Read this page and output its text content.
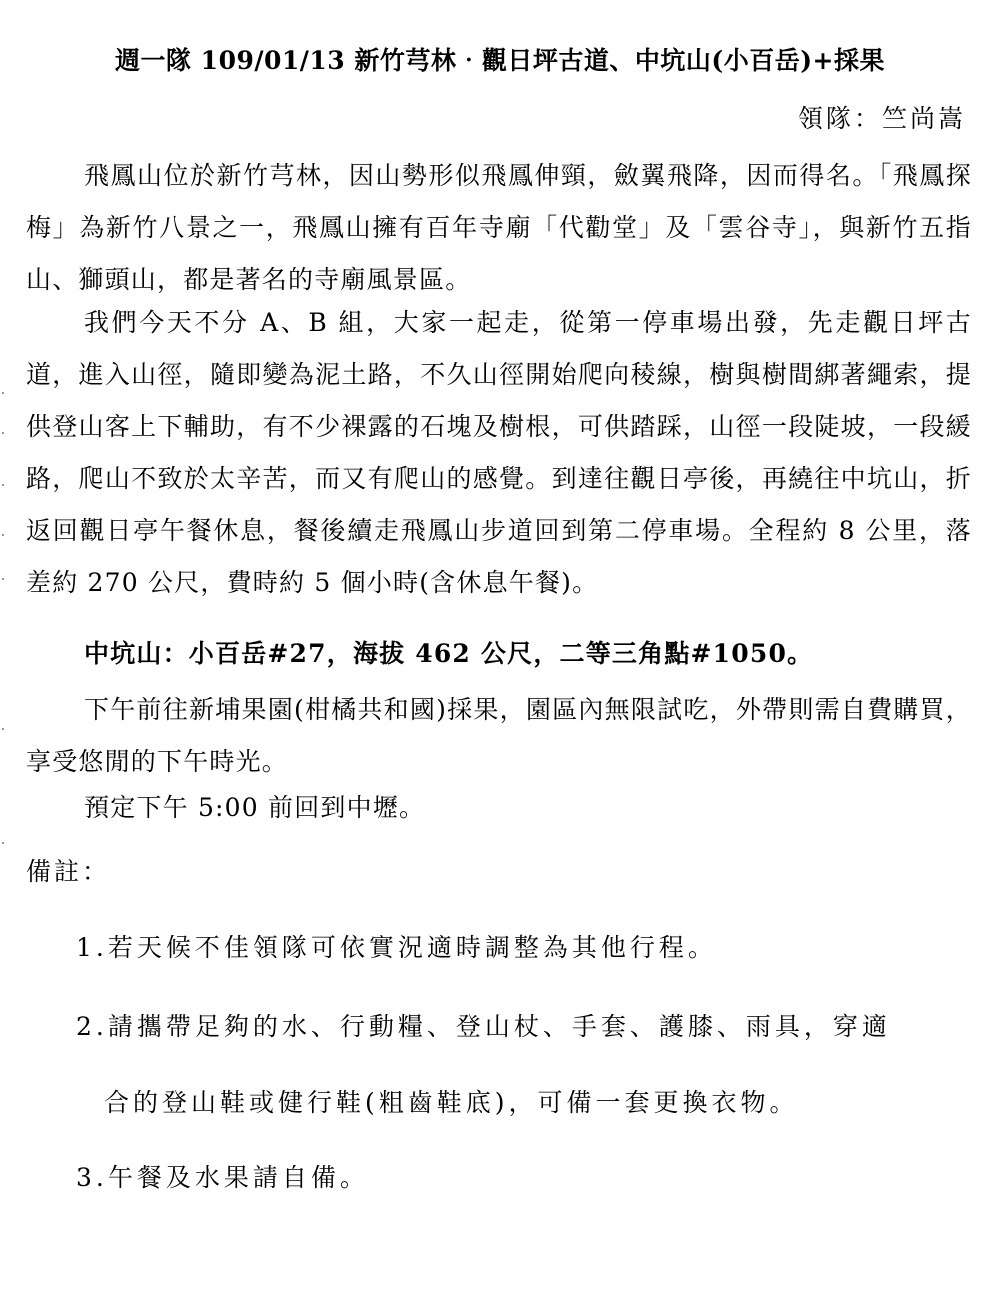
週一隊 109/01/13 新竹芎林‧觀日坪古道、中坑山(小百岳)+採果
領隊：竺尚嵩

飛鳳山位於新竹芎林，因山勢形似飛鳳伸頸，斂翼飛降，因而得名。「飛鳳探梅」為新竹八景之一，飛鳳山擁有百年寺廟「代勸堂」及「雲谷寺」，與新竹五指山、獅頭山，都是著名的寺廟風景區。

我們今天不分 A、B 組，大家一起走，從第一停車場出發，先走觀日坪古道，進入山徑，隨即變為泥土路，不久山徑開始爬向稜線，樹與樹間綁著繩索，提供登山客上下輔助，有不少裸露的石塊及樹根，可供踏踩，山徑一段陡坡，一段緩路，爬山不致於太辛苦，而又有爬山的感覺。到達往觀日亭後，再繞往中坑山，折返回觀日亭午餐休息，餐後續走飛鳳山步道回到第二停車場。全程約 8 公里，落差約 270 公尺，費時約 5 個小時(含休息午餐)。

中坑山：小百岳#27，海拔 462 公尺，二等三角點#1050。

下午前往新埔果園(柑橘共和國)採果，園區內無限試吃，外帶則需自費購買，享受悠閒的下午時光。

預定下午 5:00 前回到中壢。

備註：
1.若天候不佳領隊可依實況適時調整為其他行程。
2.請攜帶足夠的水、行動糧、登山杖、手套、護膝、雨具，穿適
合的登山鞋或健行鞋(粗齒鞋底)，可備一套更換衣物。
3.午餐及水果請自備。
